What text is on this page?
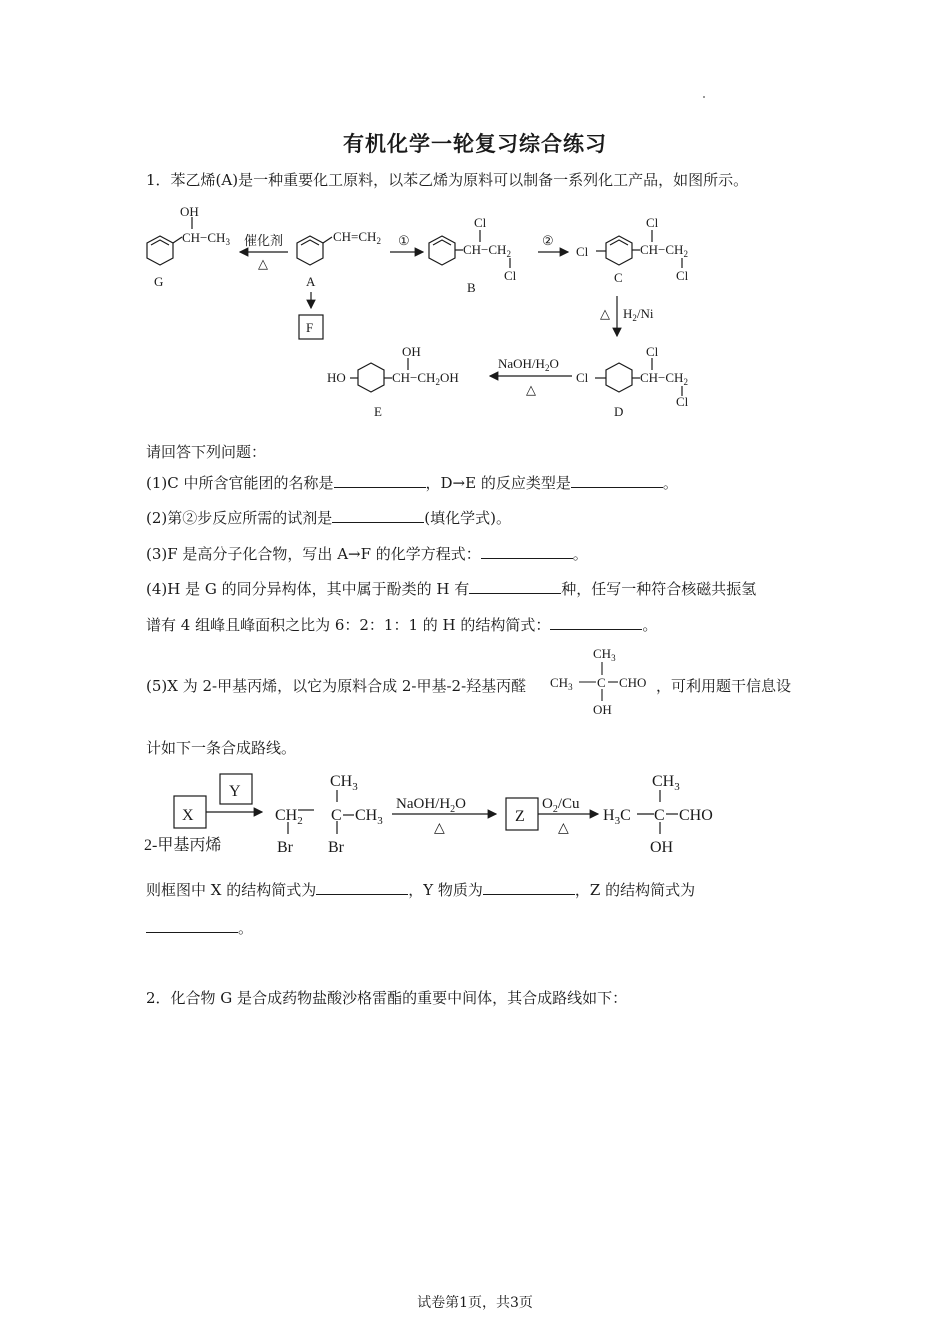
有机化学一轮复习综合练习
1．苯乙烯(A)是一种重要化工原料，以苯乙烯为原料可以制备一系列化工产品，如图所示。
OH
$CH-CH_3$
G
催化剂
△
$CH=CH_2$
A
F
①
Cl
$CH-CH_2$
Cl
B
②
Cl
Cl
$CH-CH_2$
Cl
C
△ $H_2/Ni$
Cl
Cl
$CH-CH_2$
Cl
D
NaOH/$H_2O$
△
HO
OH
$CH-CH_2OH$
E
请回答下列问题：
(1)C 中所含官能团的名称是	，D→E 的反应类型是	。
(2)第②步反应所需的试剂是	(填化学式)。
(3)F 是高分子化合物，写出 A→F 的化学方程式：	。
(4)H 是 G 的同分异构体，其中属于酚类的 H 有	种，任写一种符合核磁共振氢
谱有 4 组峰且峰面积之比为 6：2：1：1 的 H 的结构简式：	。
(5)X 为 2-甲基丙烯，以它为原料合成 2-甲基-2-羟基丙醛
$CH_3$
$CH_3$ C CHO
OH
，可利用题干信息设
计如下一条合成路线。
X
Y
2-甲基丙烯
$CH_2$
$CH_3$
C $CH_3$
Br Br
NaOH/$H_2O$
△
Z
$O_2/Cu$
△
$CH_3$
$H_3C$ C CHO
OH
则框图中 X 的结构简式为	，Y 物质为	，Z 的结构简式为
。
2．化合物 G 是合成药物盐酸沙格雷酯的重要中间体，其合成路线如下：
试卷第1页，共3页
